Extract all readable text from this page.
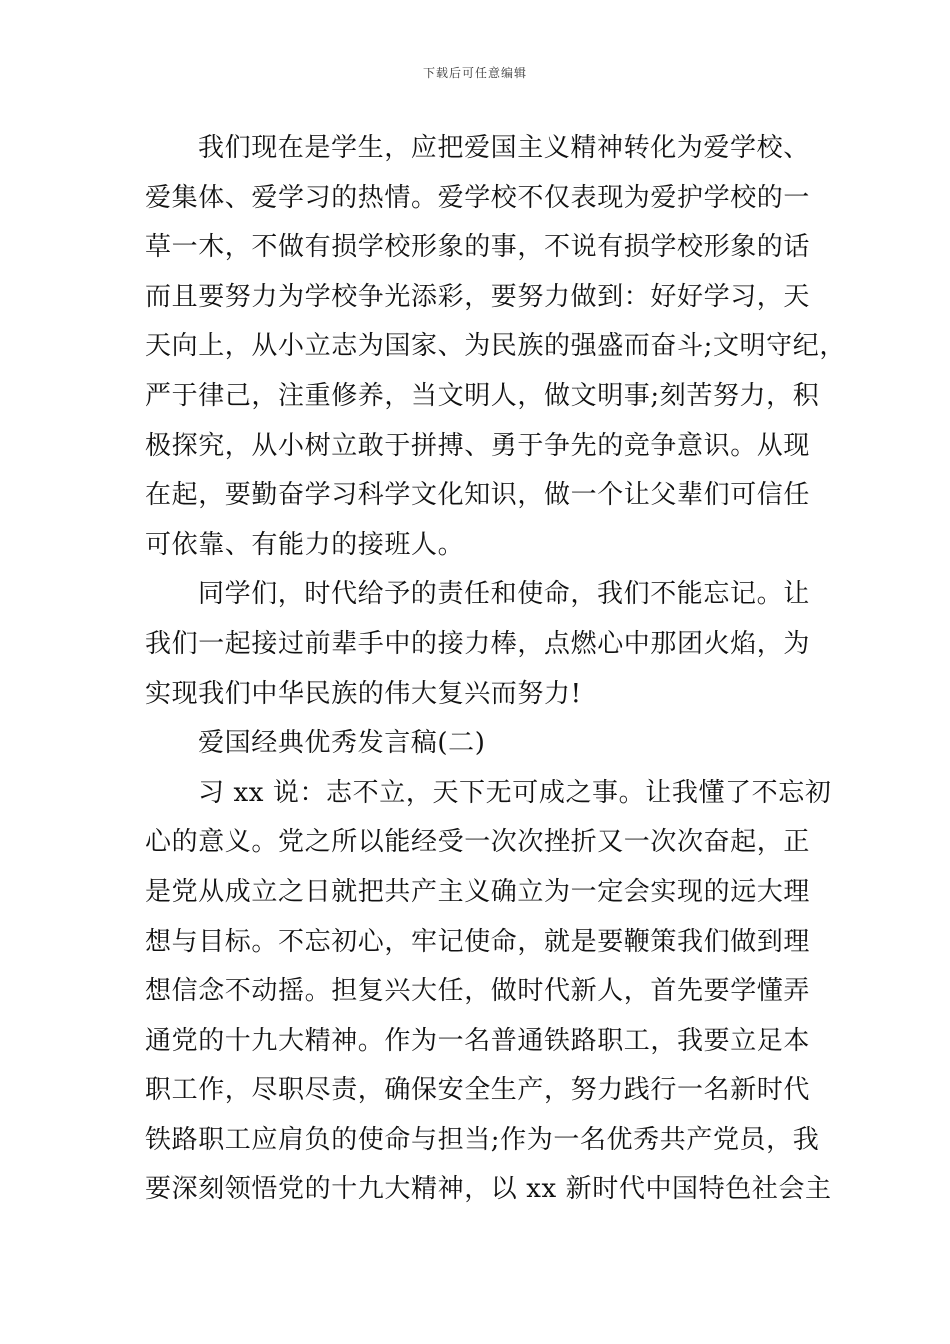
下载后可任意编辑
我们现在是学生，应把爱国主义精神转化为爱学校、
爱集体、爱学习的热情。爱学校不仅表现为爱护学校的一
草一木，不做有损学校形象的事，不说有损学校形象的话
而且要努力为学校争光添彩，要努力做到：好好学习，天
天向上，从小立志为国家、为民族的强盛而奋斗;文明守纪，
严于律己，注重修养，当文明人，做文明事;刻苦努力，积
极探究，从小树立敢于拼搏、勇于争先的竞争意识。从现
在起，要勤奋学习科学文化知识，做一个让父辈们可信任
可依靠、有能力的接班人。
同学们，时代给予的责任和使命，我们不能忘记。让
我们一起接过前辈手中的接力棒，点燃心中那团火焰，为
实现我们中华民族的伟大复兴而努力!
爱国经典优秀发言稿(二)
习 xx 说：志不立，天下无可成之事。让我懂了不忘初
心的意义。党之所以能经受一次次挫折又一次次奋起，正
是党从成立之日就把共产主义确立为一定会实现的远大理
想与目标。不忘初心，牢记使命，就是要鞭策我们做到理
想信念不动摇。担复兴大任，做时代新人，首先要学懂弄
通党的十九大精神。作为一名普通铁路职工，我要立足本
职工作，尽职尽责，确保安全生产，努力践行一名新时代
铁路职工应肩负的使命与担当;作为一名优秀共产党员，我
要深刻领悟党的十九大精神，以 xx 新时代中国特色社会主
